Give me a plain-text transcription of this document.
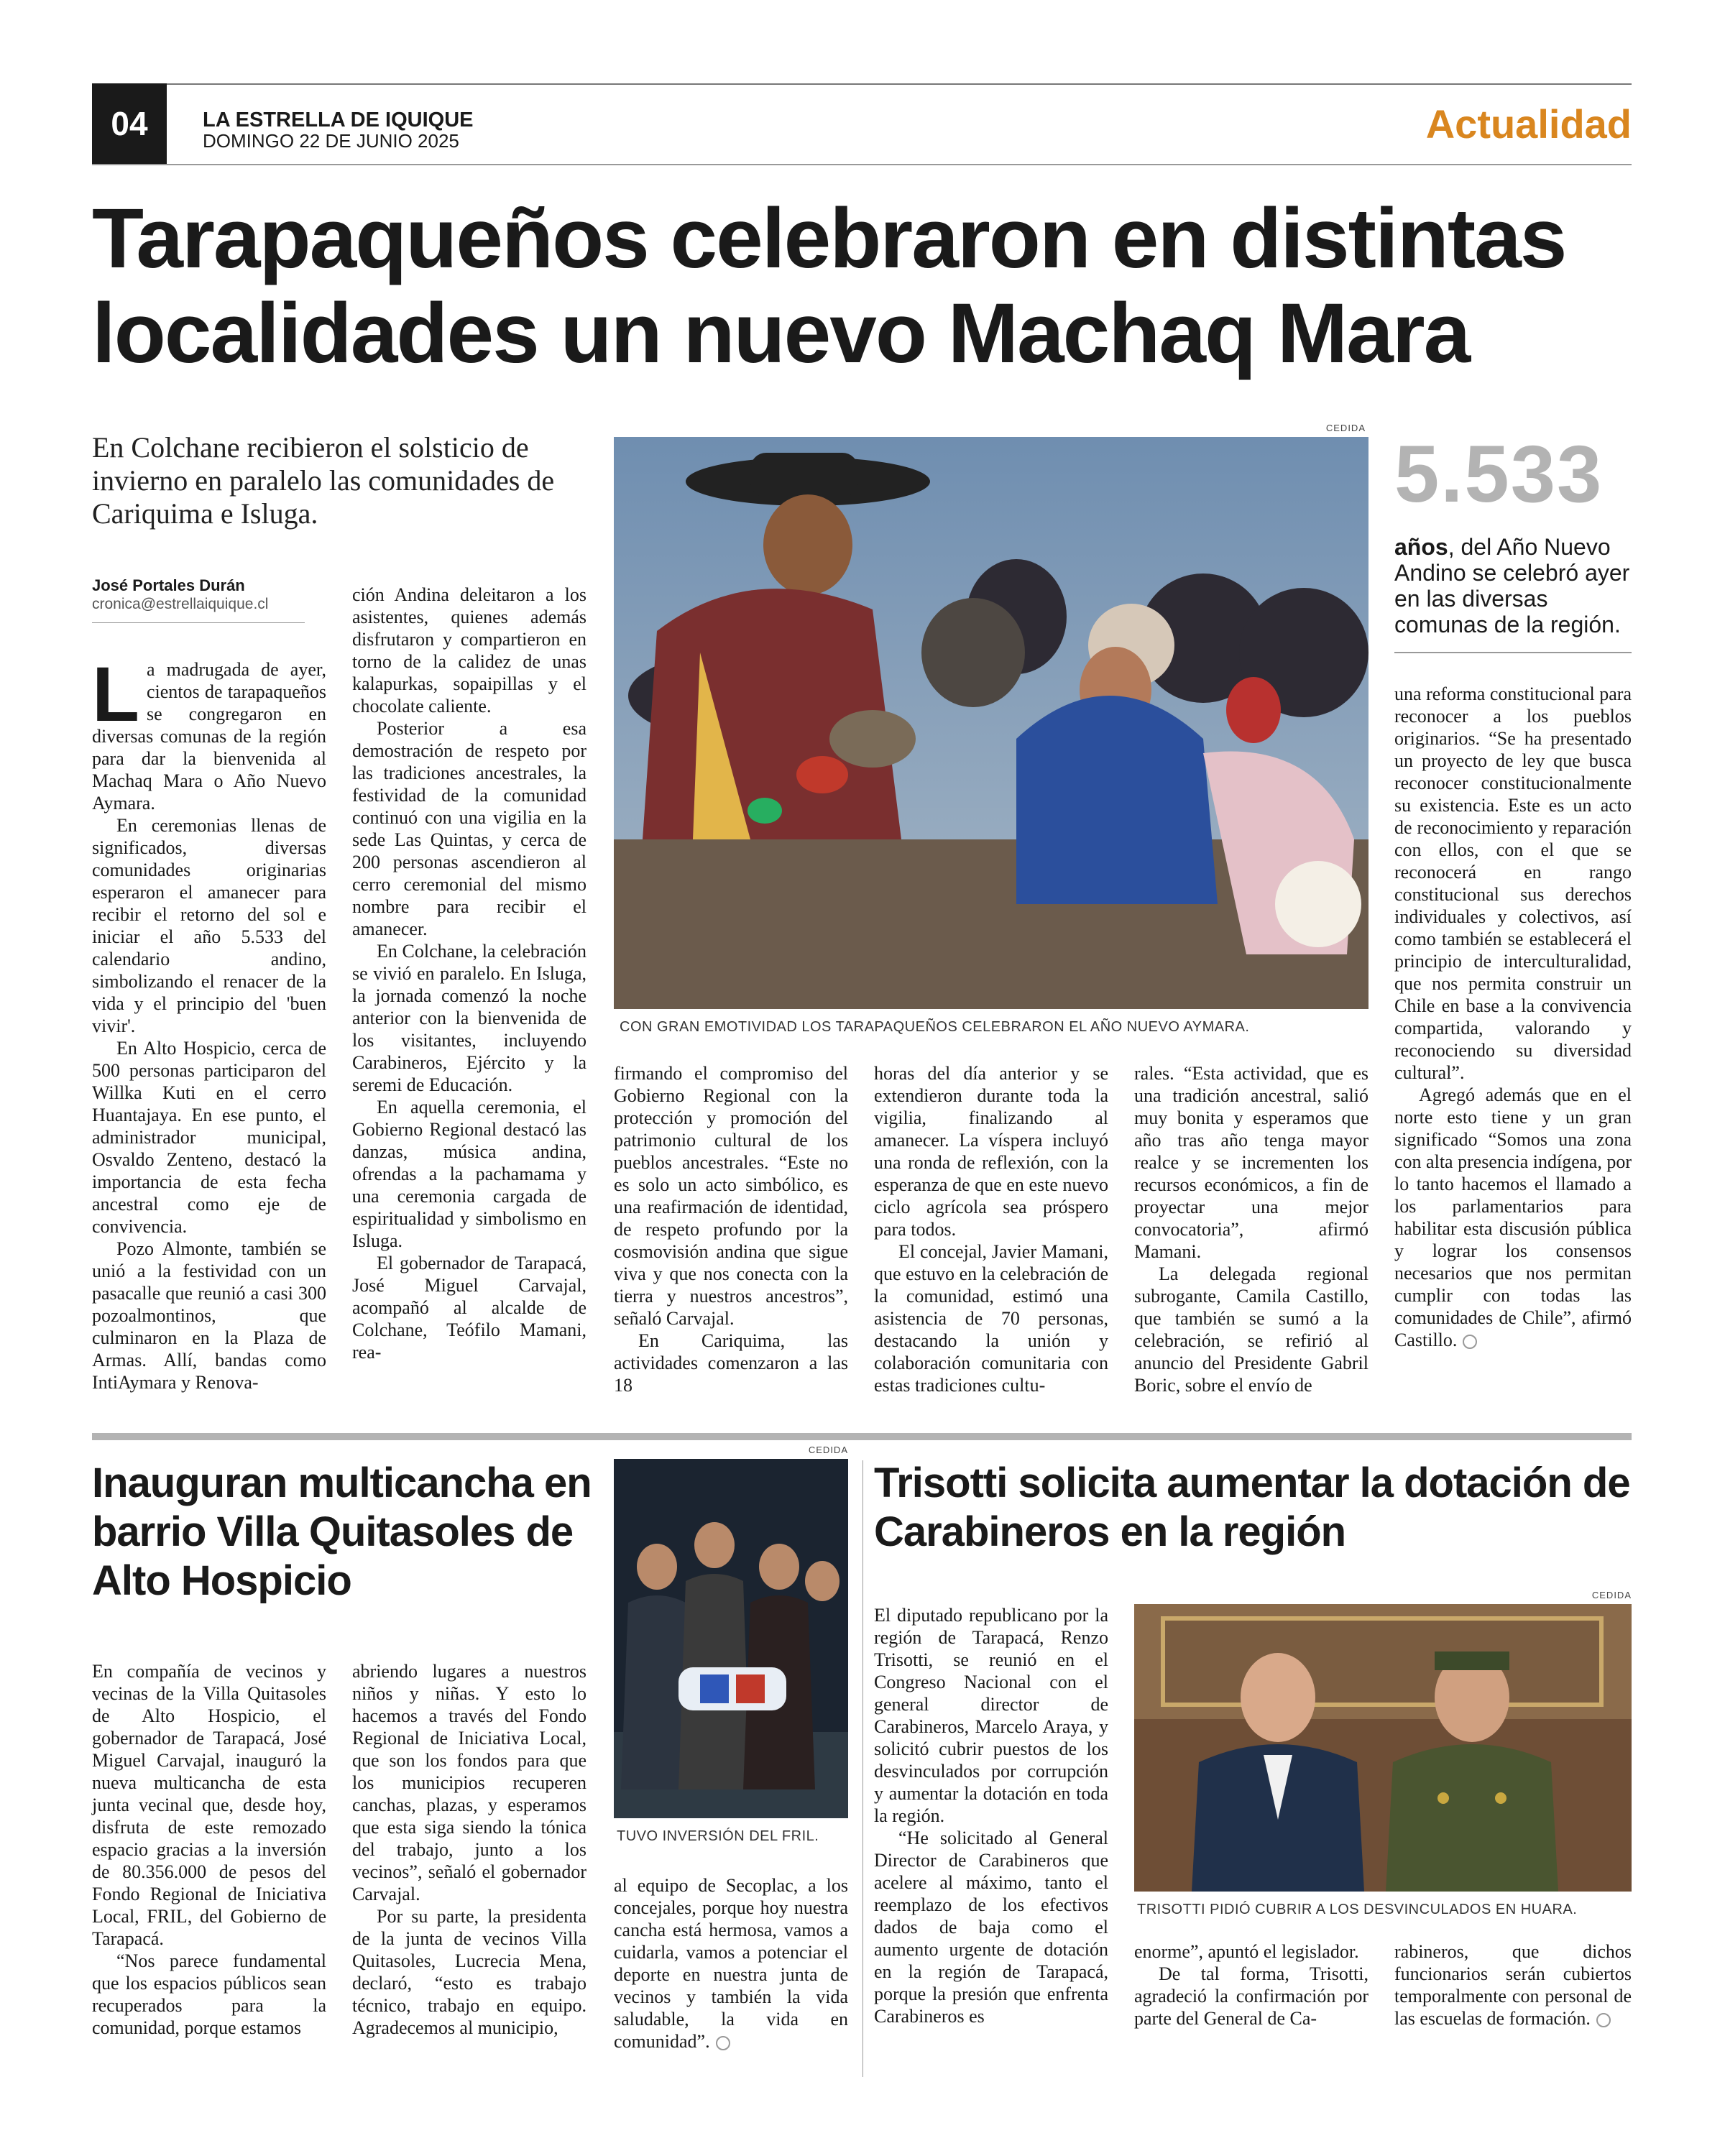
04	LA ESTRELLA DE IQUIQUE
DOMINGO 22 DE JUNIO 2025	Actualidad
Tarapaqueños celebraron en distintas localidades un nuevo Machaq Mara
En Colchane recibieron el solsticio de invierno en paralelo las comunidades de Cariquima e Isluga.
José Portales Durán
cronica@estrellaiquique.cl
CEDIDA
CON GRAN EMOTIVIDAD LOS TARAPAQUEÑOS CELEBRARON EL AÑO NUEVO AYMARA.
5.533
años, del Año Nuevo Andino se celebró ayer en las diversas comunas de la región.

La madrugada de ayer, cientos de tarapaqueños se congregaron en diversas comunas de la región para dar la bienvenida al Machaq Mara o Año Nuevo Aymara.

En ceremonias llenas de significados, diversas comunidades originarias esperaron el amanecer para recibir el retorno del sol e iniciar el año 5.533 del calendario andino, simbolizando el renacer de la vida y el principio del 'buen vivir'.

En Alto Hospicio, cerca de 500 personas participaron del Willka Kuti en el cerro Huantajaya. En ese punto, el administrador municipal, Osvaldo Zenteno, destacó la importancia de esta fecha ancestral como eje de convivencia.

Pozo Almonte, también se unió a la festividad con un pasacalle que reunió a casi 300 pozoalmontinos, que culminaron en la Plaza de Armas. Allí, bandas como IntiAymara y Renova-

ción Andina deleitaron a los asistentes, quienes además disfrutaron y compartieron en torno de la calidez de unas kalapurkas, sopaipillas y el chocolate caliente.

Posterior a esa demostración de respeto por las tradiciones ancestrales, la festividad de la comunidad continuó con una vigilia en la sede Las Quintas, y cerca de 200 personas ascendieron al cerro ceremonial del mismo nombre para recibir el amanecer.

En Colchane, la celebración se vivió en paralelo. En Isluga, la jornada comenzó la noche anterior con la bienvenida de los visitantes, incluyendo Carabineros, Ejército y la seremi de Educación.

En aquella ceremonia, el Gobierno Regional destacó las danzas, música andina, ofrendas a la pachamama y una ceremonia cargada de espiritualidad y simbolismo en Isluga.

El gobernador de Tarapacá, José Miguel Carvajal, acompañó al alcalde de Colchane, Teófilo Mamani, rea-

firmando el compromiso del Gobierno Regional con la protección y promoción del patrimonio cultural de los pueblos ancestrales. “Este no es solo un acto simbólico, es una reafirmación de identidad, de respeto profundo por la cosmovisión andina que sigue viva y que nos conecta con la tierra y nuestros ancestros”, señaló Carvajal.

En Cariquima, las actividades comenzaron a las 18

horas del día anterior y se extendieron durante toda la vigilia, finalizando al amanecer. La víspera incluyó una ronda de reflexión, con la esperanza de que en este nuevo ciclo agrícola sea próspero para todos.

El concejal, Javier Mamani, que estuvo en la celebración de la comunidad, estimó una asistencia de 70 personas, destacando la unión y colaboración comunitaria con estas tradiciones cultu-

rales. “Esta actividad, que es una tradición ancestral, salió muy bonita y esperamos que año tras año tenga mayor realce y se incrementen los recursos económicos, a fin de proyectar una mejor convocatoria”, afirmó Mamani.

La delegada regional subrogante, Camila Castillo, que también se sumó a la celebración, se refirió al anuncio del Presidente Gabril Boric, sobre el envío de

una reforma constitucional para reconocer a los pueblos originarios. “Se ha presentado un proyecto de ley que busca reconocer constitucionalmente su existencia. Este es un acto de reconocimiento y reparación con ellos, con el que se reconocerá en rango constitucional sus derechos individuales y colectivos, así como también se establecerá el principio de interculturalidad, que nos permita construir un Chile en base a la convivencia compartida, valorando y reconociendo su diversidad cultural”.

Agregó además que en el norte esto tiene y un gran significado “Somos una zona con alta presencia indígena, por lo tanto hacemos el llamado a los parlamentarios para habilitar esta discusión pública y lograr los consensos necesarios que nos permitan cumplir con todas las comunidades de Chile”, afirmó Castillo.

Inauguran multicancha en barrio Villa Quitasoles de Alto Hospicio
CEDIDA
TUVO INVERSIÓN DEL FRIL.

En compañía de vecinos y vecinas de la Villa Quitasoles de Alto Hospicio, el gobernador de Tarapacá, José Miguel Carvajal, inauguró la nueva multicancha de esta junta vecinal que, desde hoy, disfruta de este remozado espacio gracias a la inversión de 80.356.000 de pesos del Fondo Regional de Iniciativa Local, FRIL, del Gobierno de Tarapacá.

“Nos parece fundamental que los espacios públicos sean recuperados para la comunidad, porque estamos

abriendo lugares a nuestros niños y niñas. Y esto lo hacemos a través del Fondo Regional de Iniciativa Local, que son los fondos para que los municipios recuperen canchas, plazas, y esperamos que esta siga siendo la tónica del trabajo, junto a los vecinos”, señaló el gobernador Carvajal.

Por su parte, la presidenta de la junta de vecinos Villa Quitasoles, Lucrecia Mena, declaró, “esto es trabajo técnico, trabajo en equipo. Agradecemos al municipio,

al equipo de Secoplac, a los concejales, porque hoy nuestra cancha está hermosa, vamos a cuidarla, vamos a potenciar el deporte en nuestra junta de vecinos y también la vida saludable, la vida en comunidad”.

Trisotti solicita aumentar la dotación de Carabineros en la región
CEDIDA
TRISOTTI PIDIÓ CUBRIR A LOS DESVINCULADOS EN HUARA.

El diputado republicano por la región de Tarapacá, Renzo Trisotti, se reunió en el Congreso Nacional con el general director de Carabineros, Marcelo Araya, y solicitó cubrir puestos de los desvinculados por corrupción y aumentar la dotación en toda la región.

“He solicitado al General Director de Carabineros que acelere al máximo, tanto el reemplazo de los efectivos dados de baja como el aumento urgente de dotación en la región de Tarapacá, porque la presión que enfrenta Carabineros es

enorme”, apuntó el legislador.

De tal forma, Trisotti, agradeció la confirmación por parte del General de Ca-

rabineros, que dichos funcionarios serán cubiertos temporalmente con personal de las escuelas de formación.
